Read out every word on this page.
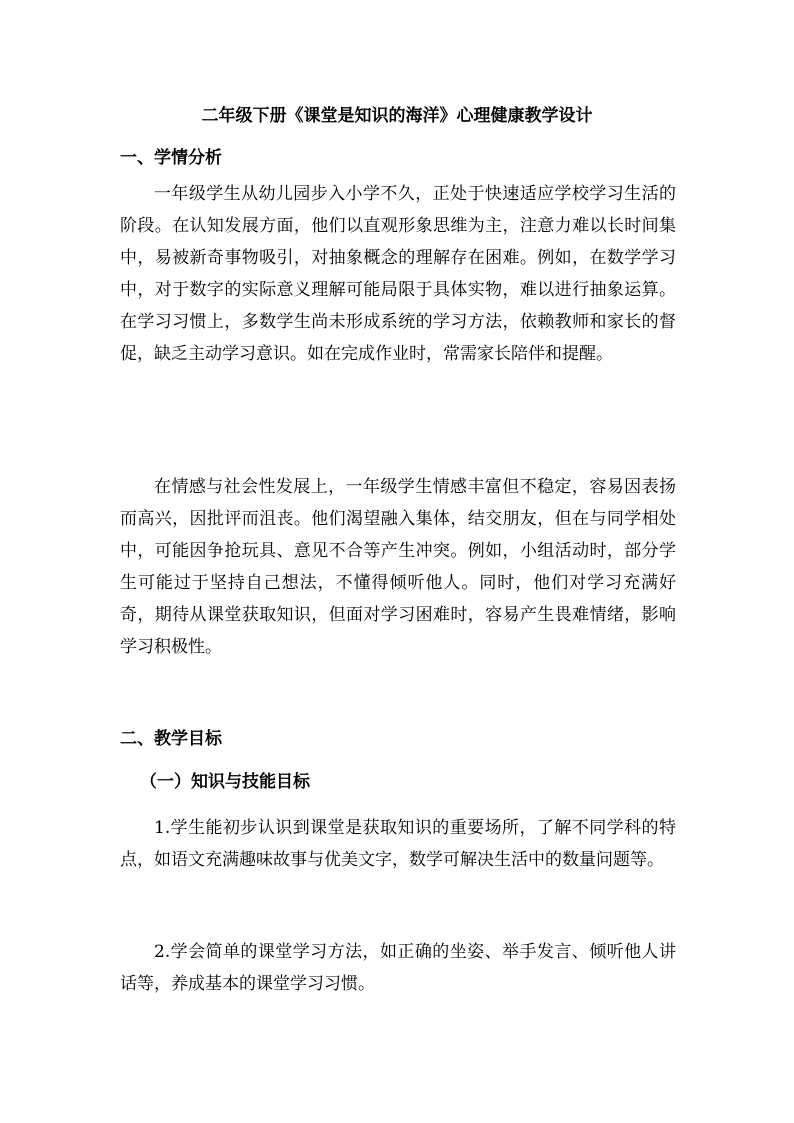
二年级下册《课堂是知识的海洋》心理健康教学设计
一、学情分析

一年级学生从幼儿园步入小学不久，正处于快速适应学校学习生活的阶段。在认知发展方面，他们以直观形象思维为主，注意力难以长时间集中，易被新奇事物吸引，对抽象概念的理解存在困难。例如，在数学学习中，对于数字的实际意义理解可能局限于具体实物，难以进行抽象运算。在学习习惯上，多数学生尚未形成系统的学习方法，依赖教师和家长的督促，缺乏主动学习意识。如在完成作业时，常需家长陪伴和提醒。

在情感与社会性发展上，一年级学生情感丰富但不稳定，容易因表扬而高兴，因批评而沮丧。他们渴望融入集体，结交朋友，但在与同学相处中，可能因争抢玩具、意见不合等产生冲突。例如，小组活动时，部分学生可能过于坚持自己想法，不懂得倾听他人。同时，他们对学习充满好奇，期待从课堂获取知识，但面对学习困难时，容易产生畏难情绪，影响学习积极性。

二、教学目标
（一）知识与技能目标

1.学生能初步认识到课堂是获取知识的重要场所，了解不同学科的特点，如语文充满趣味故事与优美文字，数学可解决生活中的数量问题等。

2.学会简单的课堂学习方法，如正确的坐姿、举手发言、倾听他人讲话等，养成基本的课堂学习习惯。
